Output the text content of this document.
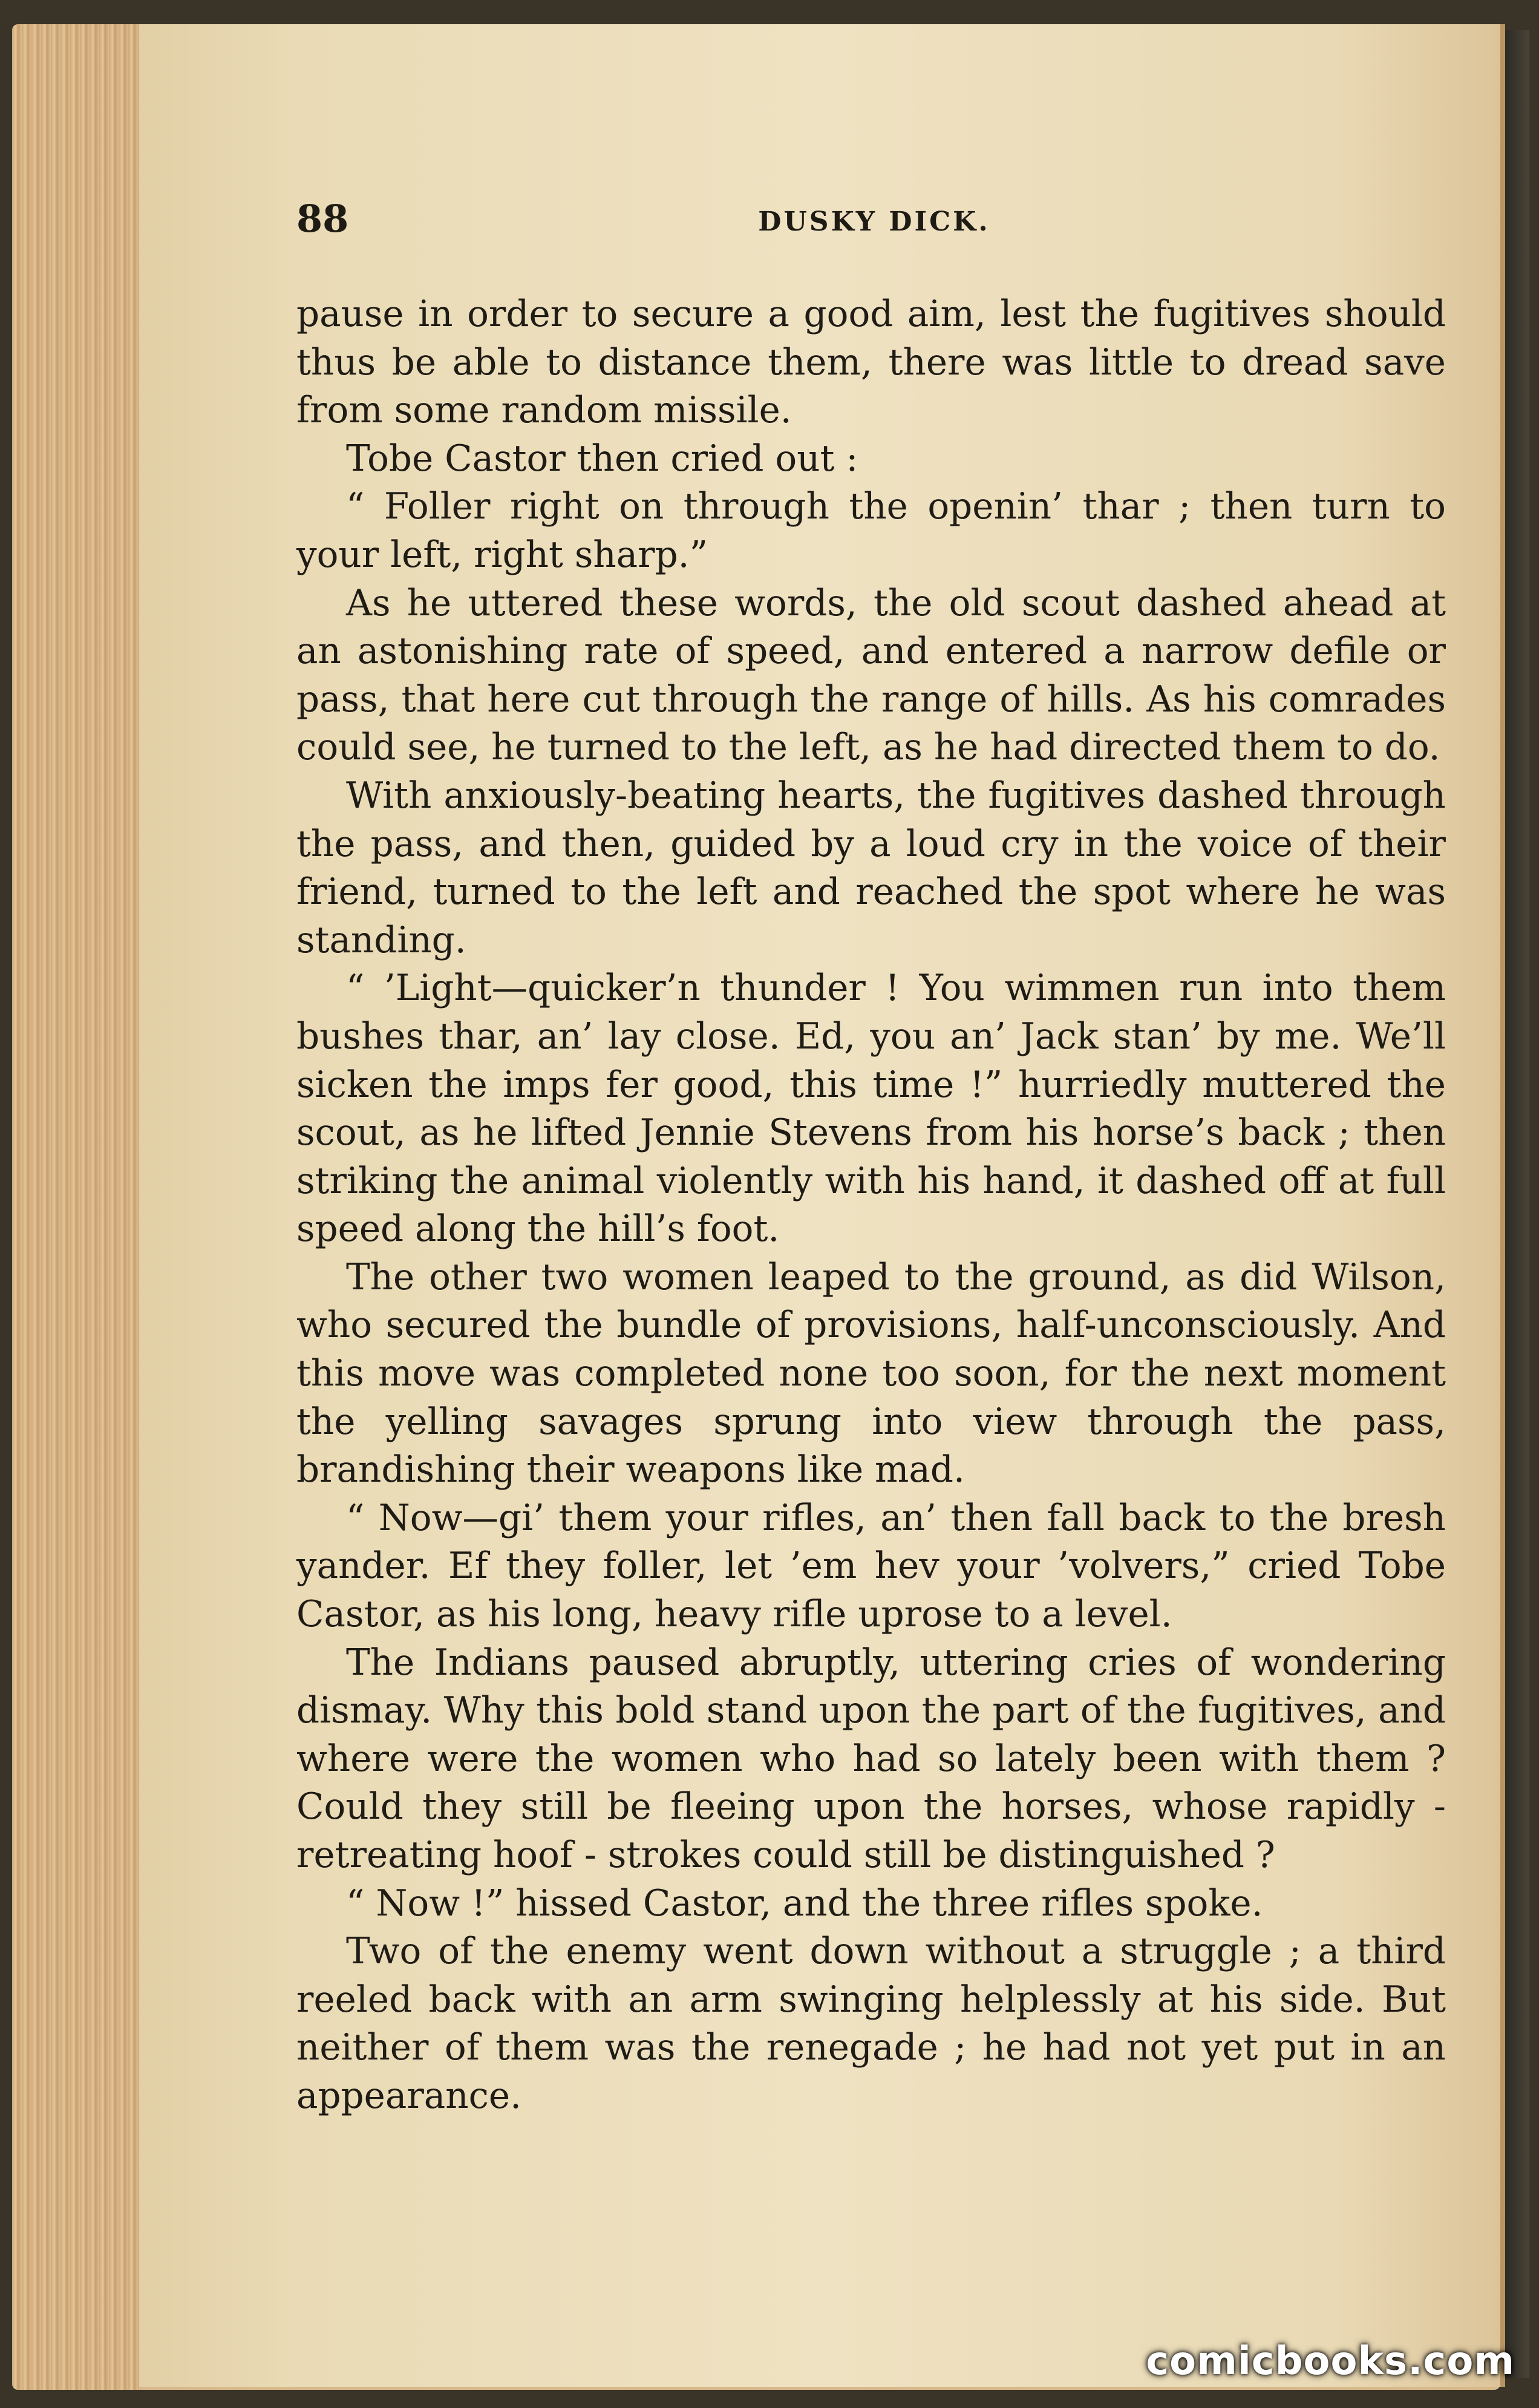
88	DUSKY DICK.

pause in order to secure a good aim, lest the fugitives should thus be able to distance them, there was little to dread save from some random missile.

Tobe Castor then cried out :

“ Foller right on through the openin’ thar ; then turn to your left, right sharp.”

As he uttered these words, the old scout dashed ahead at an astonishing rate of speed, and entered a narrow defile or pass, that here cut through the range of hills. As his comrades could see, he turned to the left, as he had directed them to do.

With anxiously-beating hearts, the fugitives dashed through the pass, and then, guided by a loud cry in the voice of their friend, turned to the left and reached the spot where he was standing.

“ ’Light—quicker’n thunder ! You wimmen run into them bushes thar, an’ lay close. Ed, you an’ Jack stan’ by me. We’ll sicken the imps fer good, this time !” hurriedly muttered the scout, as he lifted Jennie Stevens from his horse’s back ; then striking the animal violently with his hand, it dashed off at full speed along the hill’s foot.

The other two women leaped to the ground, as did Wilson, who secured the bundle of provisions, half-unconsciously. And this move was completed none too soon, for the next moment the yelling savages sprung into view through the pass, brandishing their weapons like mad.

“ Now—gi’ them your rifles, an’ then fall back to the bresh yander. Ef they foller, let ’em hev your ’volvers,” cried Tobe Castor, as his long, heavy rifle uprose to a level.

The Indians paused abruptly, uttering cries of wondering dismay. Why this bold stand upon the part of the fugitives, and where were the women who had so lately been with them ? Could they still be fleeing upon the horses, whose rapidly - retreating hoof - strokes could still be distinguished ?

“ Now !” hissed Castor, and the three rifles spoke.

Two of the enemy went down without a struggle ; a third reeled back with an arm swinging helplessly at his side. But neither of them was the renegade ; he had not yet put in an appearance.

comicbooks.com
